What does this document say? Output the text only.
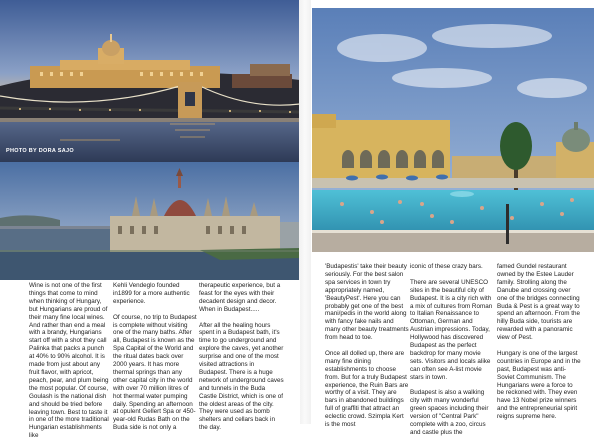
PHOTO BY DORA SAJO

Wine is not one of the first things that come to mind when thinking of Hungary, but Hungarians are proud of their many fine local wines. And rather than end a meal with a brandy, Hungarians start off with a shot they call Palinka that packs a punch at 40% to 90% alcohol. It is made from just about any fruit flavor, with apricot, peach, pear, and plum being the most popular. Of course, Goulash is the national dish and should be tried before leaving town. Best to taste it in one of the more traditional Hungarian establishments like

Kehli Vendeglo founded in1899 for a more authentic experience.

Of course, no trip to Budapest is complete without visiting one of the many baths. After all, Budapest is known as the Spa Capital of the World and the ritual dates back over 2000 years. It has more thermal springs than any other capital city in the world with over 70 million litres of hot thermal water pumping daily. Spending an afternoon at opulent Gellert Spa or 450-year-old Rudas Bath on the Buda side is not only a

therapeutic experience, but a feast for the eyes with their decadent design and decor. When in Budapest.....

After all the healing hours spent in a Budapest bath, it's time to go underground and explore the caves, yet another surprise and one of the most visited attractions in Budapest. There is a huge network of underground caves and tunnels in the Buda Castle District, which is one of the oldest areas of the city. They were used as bomb shelters and cellars back in the day.

'Budapestis' take their beauty seriously. For the best salon spa services in town try appropriately named, 'BeautyPest'. Here you can probably get one of the best mani/pedis in the world along with fancy fake nails and many other beauty treatments from head to toe.

Once all dolled up, there are many fine dining establishments to choose from. But for a truly Budapest experience, the Ruin Bars are worthy of a visit. They are bars in abandoned buildings full of graffiti that attract an eclectic crowd. Szimpla Kert is the most

iconic of these crazy bars.

There are several UNESCO sites in the beautiful city of Budapest. It is a city rich with a mix of cultures from Roman to Italian Renaissance to Ottoman, German and Austrian impressions. Today, Hollywood has discovered Budapest as the perfect backdrop for many movie sets. Visitors and locals alike can often see A-list movie stars in town.

Budapest is also a walking city with many wonderful green spaces including their version of "Central Park" complete with a zoo, circus and castle plus the

famed Gundel restaurant owned by the Estee Lauder family. Strolling along the Danube and crossing over one of the bridges connecting Buda & Pest is a great way to spend an afternoon. From the hilly Buda side, tourists are rewarded with a panoramic view of Pest.

Hungary is one of the largest countries in Europe and in the past, Budapest was anti-Soviet Communism. The Hungarians were a force to be reckoned with. They even have 13 Nobel prize winners and the entrepreneurial spirit reigns supreme here.
